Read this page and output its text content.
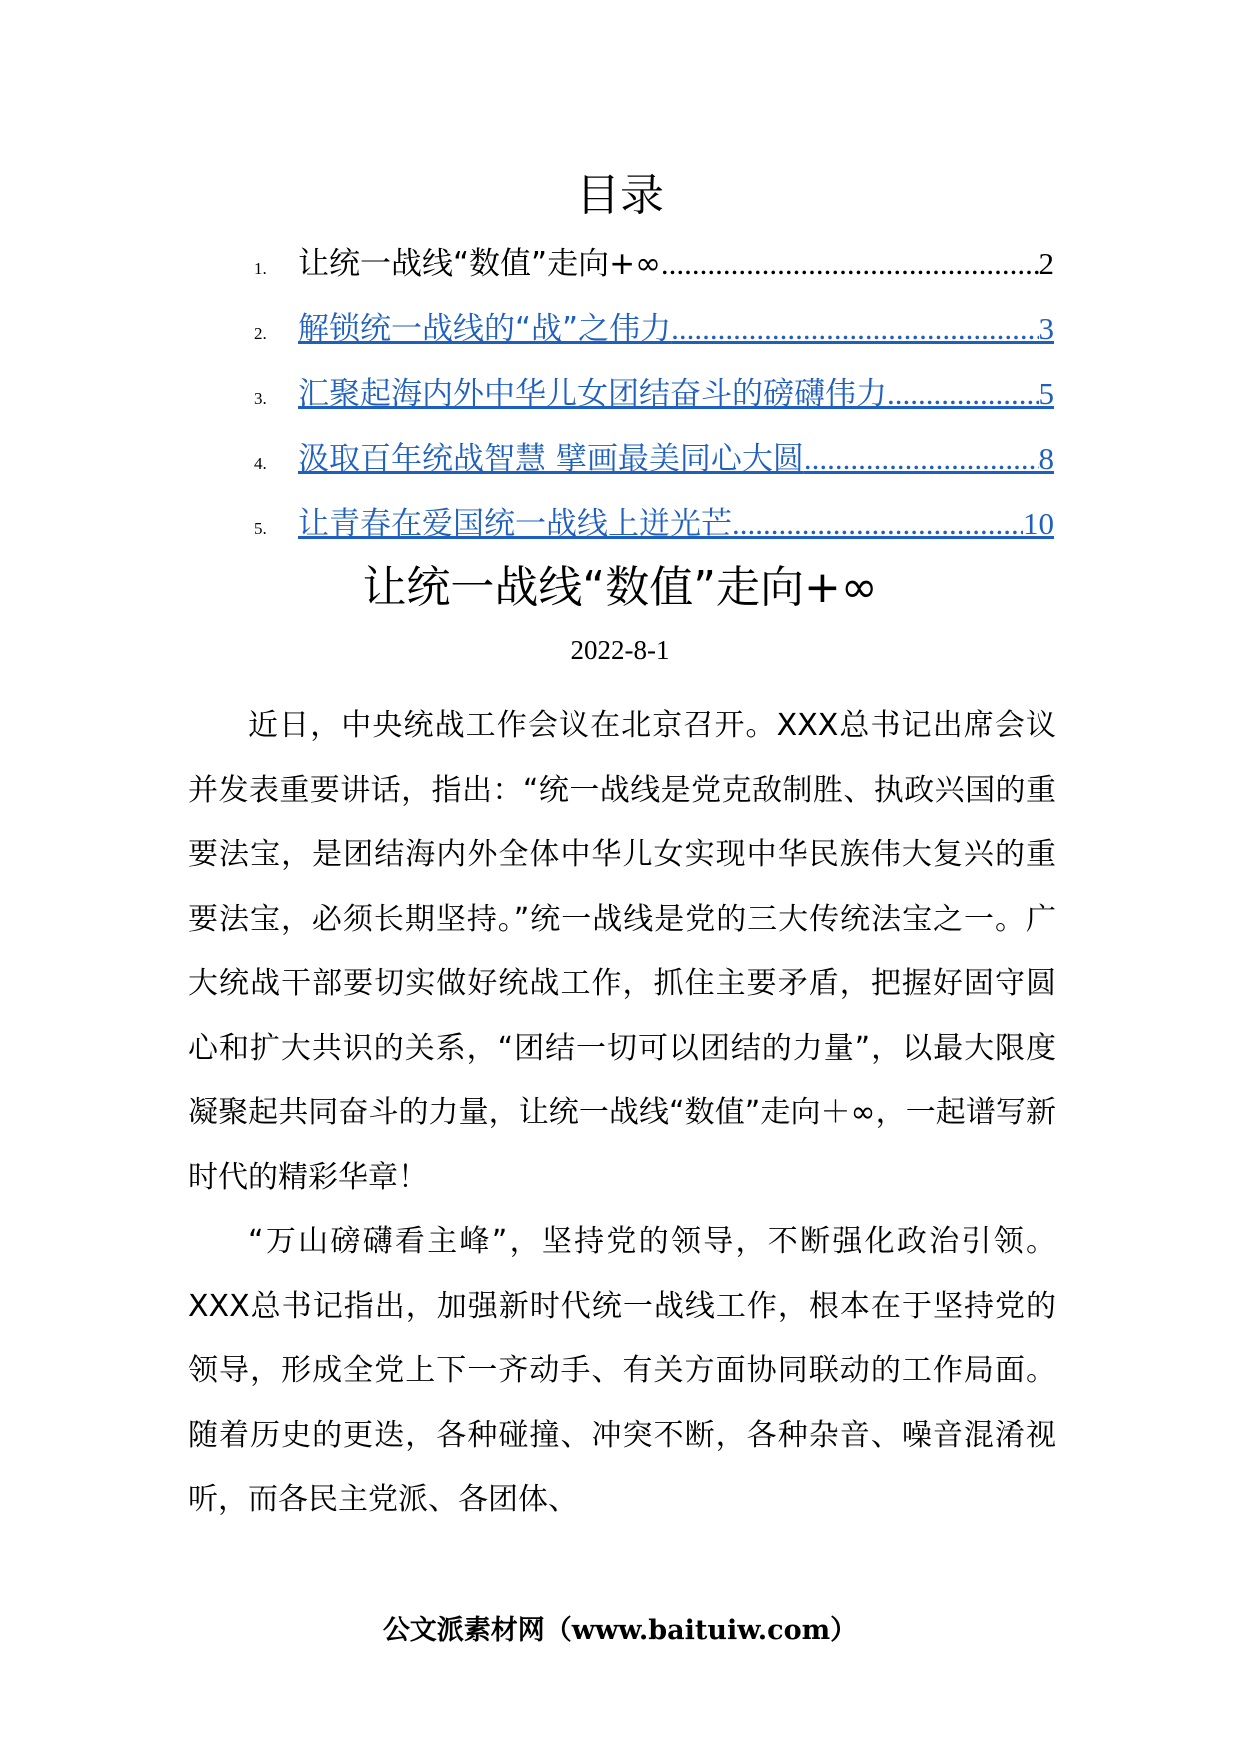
目录
1.	让统一战线“数值”走向+∞ .....	2
2.	解锁统一战线的“战”之伟力 .....	3
3.	汇聚起海内外中华儿女团结奋斗的磅礴伟力 .....	5
4.	汲取百年统战智慧 擘画最美同心大圆 .....	8
5.	让青春在爱国统一战线上迸光芒 .....	10
让统一战线“数值”走向+∞
2022-8-1

近日，中央统战工作会议在北京召开。XXX总书记出席会议并发表重要讲话，指出：“统一战线是党克敌制胜、执政兴国的重要法宝，是团结海内外全体中华儿女实现中华民族伟大复兴的重要法宝，必须长期坚持。”统一战线是党的三大传统法宝之一。广大统战干部要切实做好统战工作，抓住主要矛盾，把握好固守圆心和扩大共识的关系，“团结一切可以团结的力量”，以最大限度凝聚起共同奋斗的力量，让统一战线“数值”走向＋∞，一起谱写新时代的精彩华章！

“万山磅礴看主峰”，坚持党的领导，不断强化政治引领。XXX总书记指出，加强新时代统一战线工作，根本在于坚持党的领导，形成全党上下一齐动手、有关方面协同联动的工作局面。随着历史的更迭，各种碰撞、冲突不断，各种杂音、噪音混淆视听，而各民主党派、各团体、

公文派素材网（www.baituiw.com）
